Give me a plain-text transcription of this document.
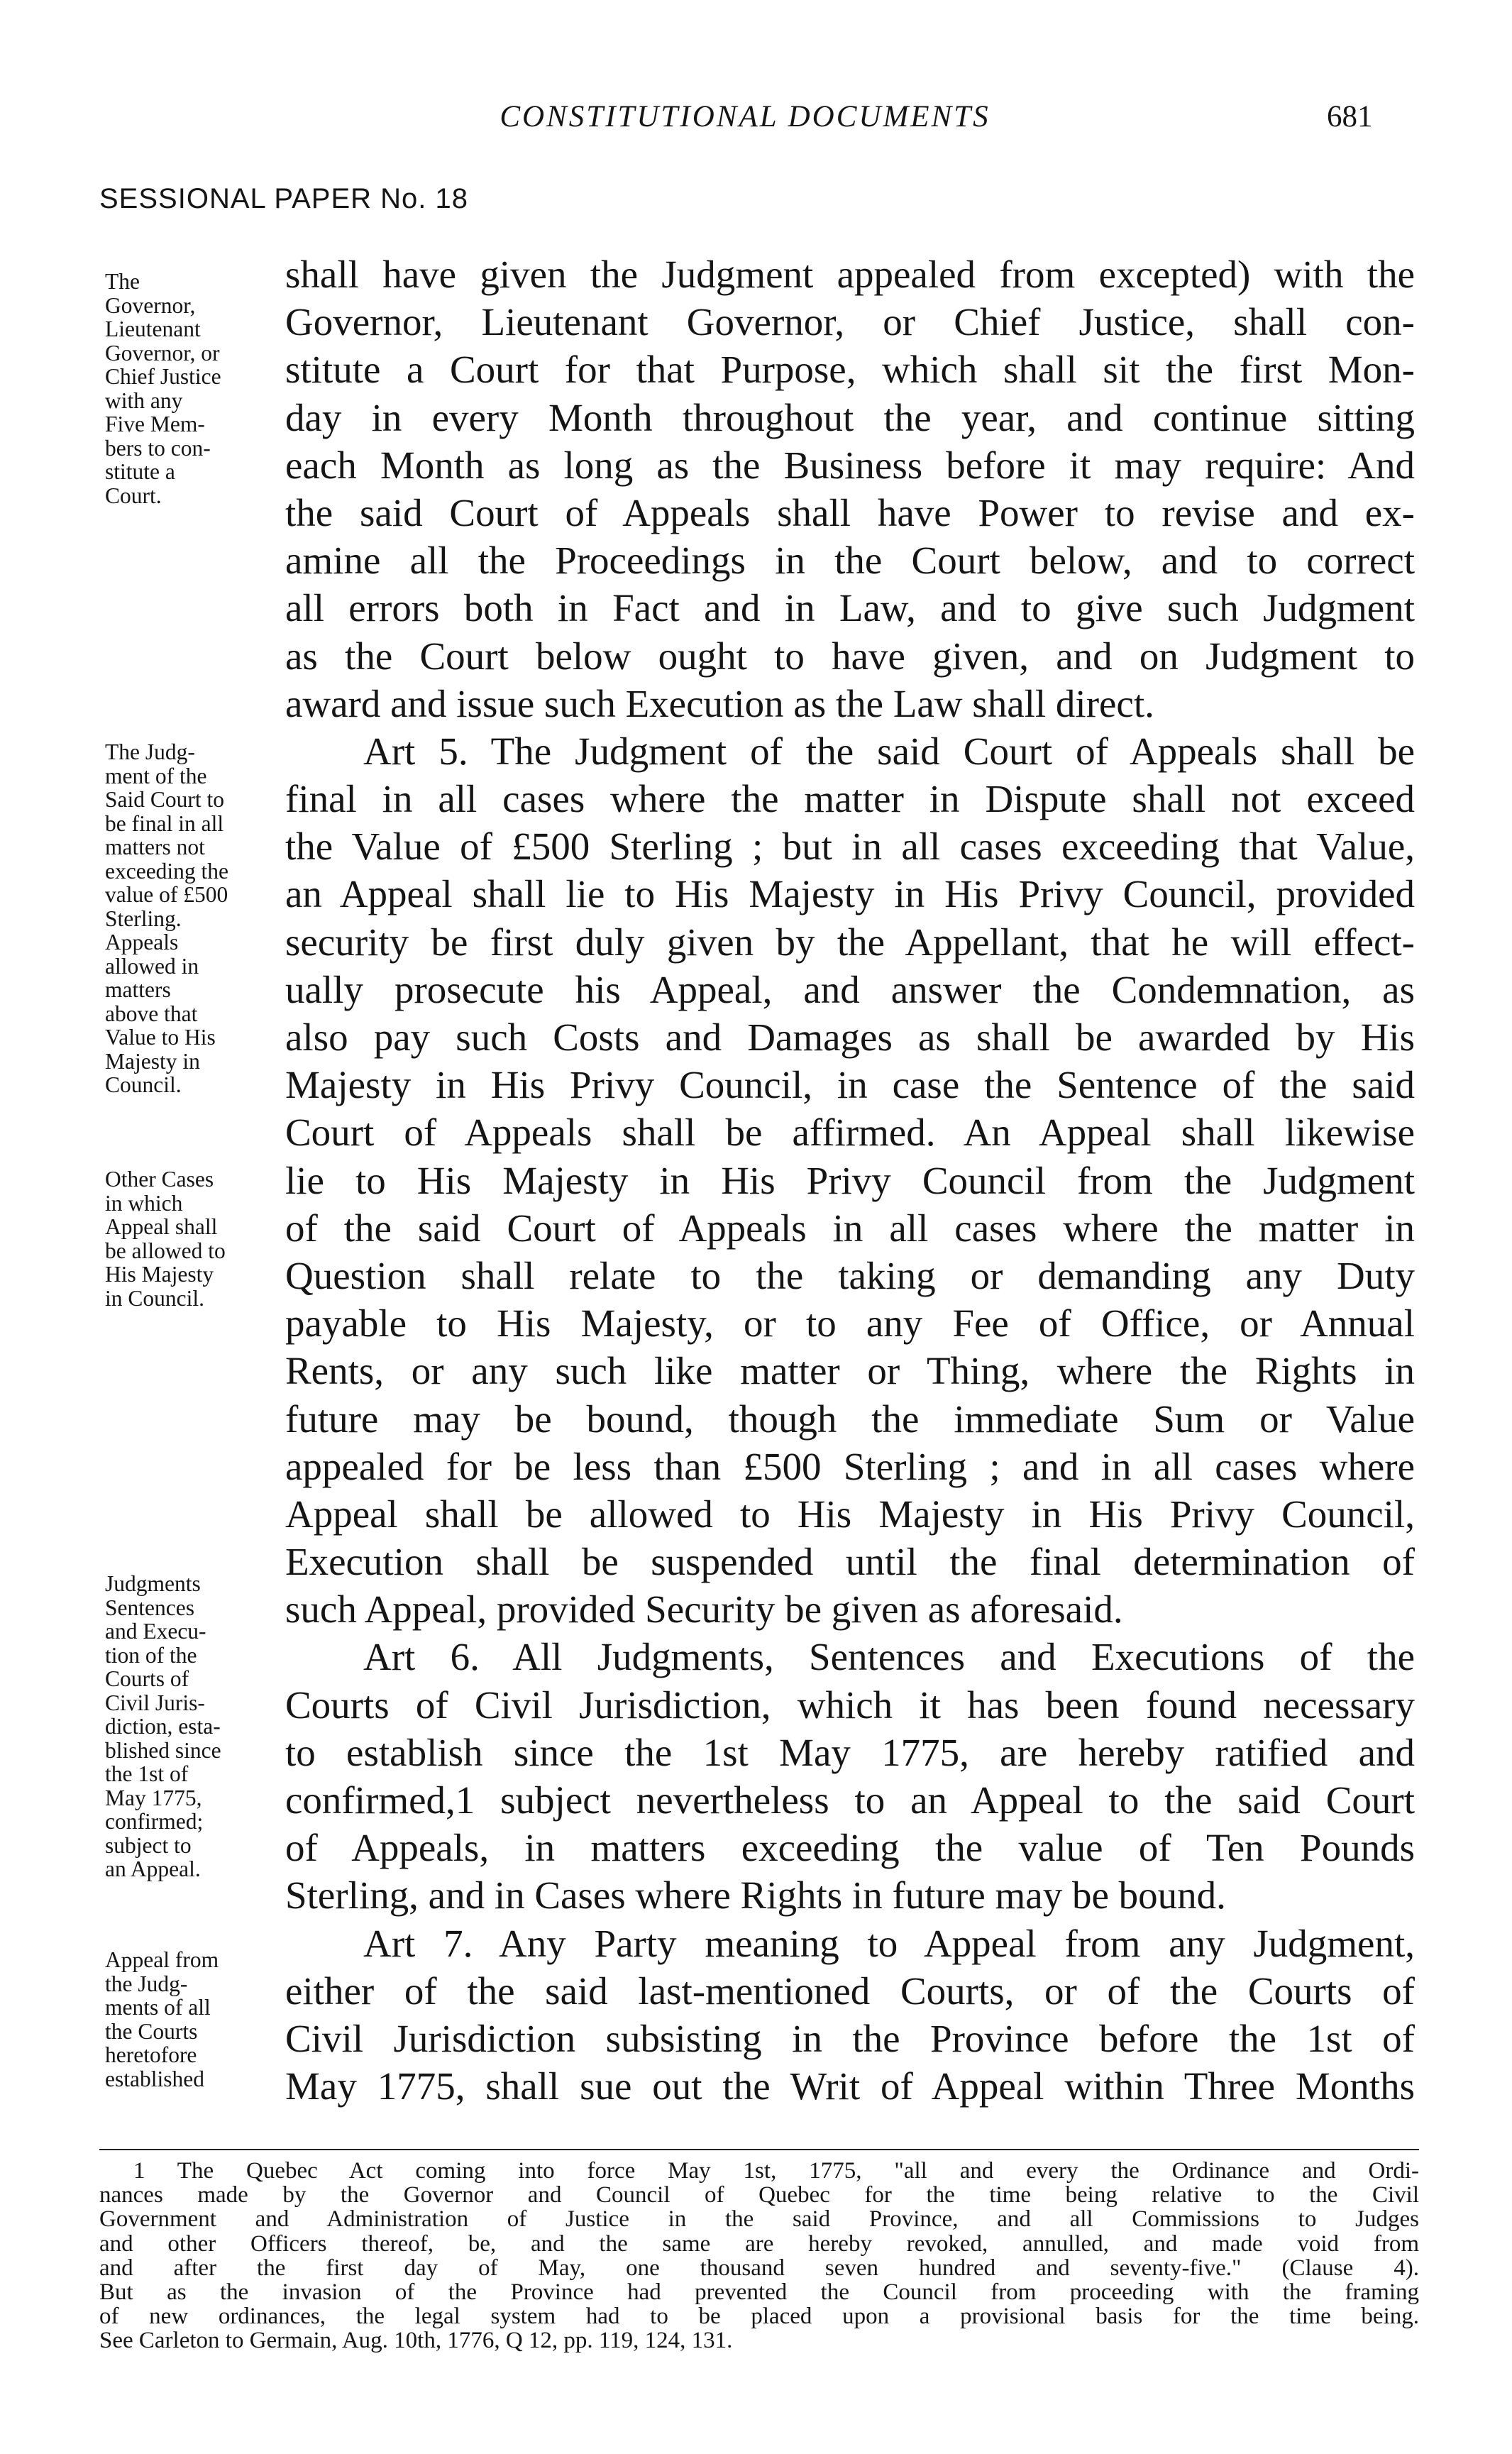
CONSTITUTIONAL DOCUMENTS	681
SESSIONAL PAPER No. 18
The
Governor,
Lieutenant
Governor, or
Chief Justice
with any
Five Mem-
bers to con-
stitute a
Court.
The Judg-
ment of the
Said Court to
be final in all
matters not
exceeding the
value of £500
Sterling.
Appeals
allowed in
matters
above that
Value to His
Majesty in
Council.
Other Cases
in which
Appeal shall
be allowed to
His Majesty
in Council.
Judgments
Sentences
and Execu-
tion of the
Courts of
Civil Juris-
diction, esta-
blished since
the 1st of
May 1775,
confirmed;
subject to
an Appeal.
Appeal from
the Judg-
ments of all
the Courts
heretofore
established
shall have given the Judgment appealed from excepted) with the
Governor, Lieutenant Governor, or Chief Justice, shall con-
stitute a Court for that Purpose, which shall sit the first Mon-
day in every Month throughout the year, and continue sitting
each Month as long as the Business before it may require: And
the said Court of Appeals shall have Power to revise and ex-
amine all the Proceedings in the Court below, and to correct
all errors both in Fact and in Law, and to give such Judgment
as the Court below ought to have given, and on Judgment to
award and issue such Execution as the Law shall direct.
Art 5. The Judgment of the said Court of Appeals shall be
final in all cases where the matter in Dispute shall not exceed
the Value of £500 Sterling ; but in all cases exceeding that Value,
an Appeal shall lie to His Majesty in His Privy Council, provided
security be first duly given by the Appellant, that he will effect-
ually prosecute his Appeal, and answer the Condemnation, as
also pay such Costs and Damages as shall be awarded by His
Majesty in His Privy Council, in case the Sentence of the said
Court of Appeals shall be affirmed. An Appeal shall likewise
lie to His Majesty in His Privy Council from the Judgment
of the said Court of Appeals in all cases where the matter in
Question shall relate to the taking or demanding any Duty
payable to His Majesty, or to any Fee of Office, or Annual
Rents, or any such like matter or Thing, where the Rights in
future may be bound, though the immediate Sum or Value
appealed for be less than £500 Sterling ; and in all cases where
Appeal shall be allowed to His Majesty in His Privy Council,
Execution shall be suspended until the final determination of
such Appeal, provided Security be given as aforesaid.
Art 6. All Judgments, Sentences and Executions of the
Courts of Civil Jurisdiction, which it has been found necessary
to establish since the 1st May 1775, are hereby ratified and
confirmed,1 subject nevertheless to an Appeal to the said Court
of Appeals, in matters exceeding the value of Ten Pounds
Sterling, and in Cases where Rights in future may be bound.
Art 7. Any Party meaning to Appeal from any Judgment,
either of the said last-mentioned Courts, or of the Courts of
Civil Jurisdiction subsisting in the Province before the 1st of
May 1775, shall sue out the Writ of Appeal within Three Months
1 The Quebec Act coming into force May 1st, 1775, "all and every the Ordinance and Ordi-
nances made by the Governor and Council of Quebec for the time being relative to the Civil
Government and Administration of Justice in the said Province, and all Commissions to Judges
and other Officers thereof, be, and the same are hereby revoked, annulled, and made void from
and after the first day of May, one thousand seven hundred and seventy-five." (Clause 4).
But as the invasion of the Province had prevented the Council from proceeding with the framing
of new ordinances, the legal system had to be placed upon a provisional basis for the time being.
See Carleton to Germain, Aug. 10th, 1776, Q 12, pp. 119, 124, 131.
